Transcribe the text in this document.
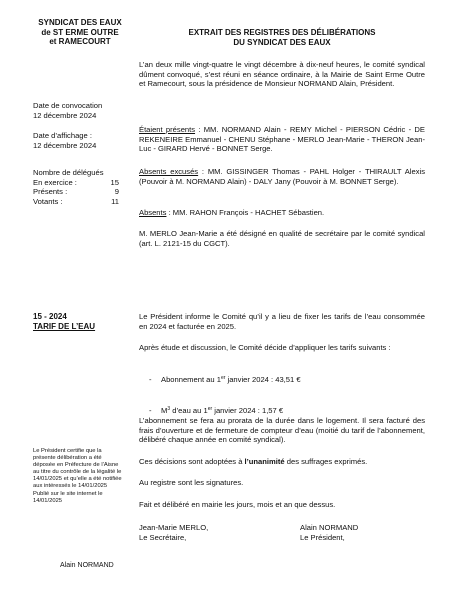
SYNDICAT DES EAUX
de ST ERME OUTRE
et RAMECOURT
EXTRAIT DES REGISTRES DES DÉLIBÉRATIONS
DU SYNDICAT DES EAUX
Date de convocation
12 décembre 2024
Date d’affichage :
12 décembre 2024
Nombre de délégués
En exercice :	15
Présents :	9
Votants :	11
L’an deux mille vingt-quatre le vingt décembre à dix-neuf heures, le comité syndical dûment convoqué, s’est réuni en séance ordinaire, à la Mairie de Saint Erme Outre et Ramecourt, sous la présidence de Monsieur NORMAND Alain, Président.
Étaient présents : MM. NORMAND Alain - REMY Michel - PIERSON Cédric - DE REKENEIRE Emmanuel - CHENU Stéphane - MERLO Jean-Marie - THERON Jean-Luc - GIRARD Hervé - BONNET Serge.
Absents excusés : MM. GISSINGER Thomas - PAHL Holger - THIRAULT Alexis (Pouvoir à M. NORMAND Alain) - DALY Jany (Pouvoir à M. BONNET Serge).
Absents : MM. RAHON François - HACHET Sébastien.
M. MERLO Jean-Marie a été désigné en qualité de secrétaire par le comité syndical (art. L. 2121-15 du CGCT).
15 - 2024
TARIF DE L’EAU
Le Président informe le Comité qu’il y a lieu de fixer les tarifs de l’eau consommée en 2024 et facturée en 2025.
Après étude et discussion, le Comité décide d’appliquer les tarifs suivants :
- Abonnement au 1er janvier 2024 : 43,51 €
- $M^3$ d’eau au 1er janvier 2024 : 1,57 €
L’abonnement se fera au prorata de la durée dans le logement. Il sera facturé des frais d’ouverture et de fermeture de compteur d’eau (moitié du tarif de l’abonnement, délibéré chaque année en comité syndical).
Ces décisions sont adoptées à l’unanimité des suffrages exprimés.
Au registre sont les signatures.
Fait et délibéré en mairie les jours, mois et an que dessus.
Jean-Marie MERLO,
Le Secrétaire,
Alain NORMAND
Le Président,
Le Président certifie que la présente délibération a été déposée en Préfecture de l’Aisne au titre du contrôle de la légalité le 14/01/2025 et qu’elle a été notifiée aux intéressés le 14/01/2025 Publié sur le site internet le 14/01/2025
Alain NORMAND
